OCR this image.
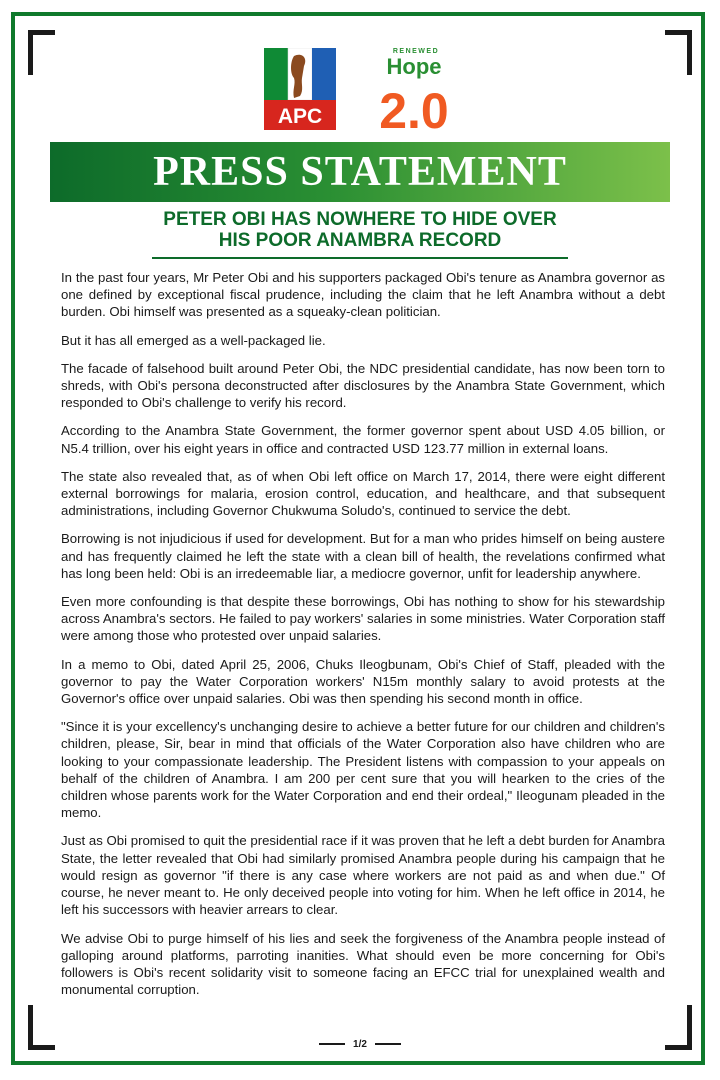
APC
RENEWED
Hope
2.0
PRESS STATEMENT
PETER OBI HAS NOWHERE TO HIDE OVER
HIS POOR ANAMBRA RECORD

In the past four years, Mr Peter Obi and his supporters packaged Obi's tenure as Anambra governor as one defined by exceptional fiscal prudence, including the claim that he left Anambra without a debt burden. Obi himself was presented as a squeaky-clean politician.

But it has all emerged as a well-packaged lie.

The facade of falsehood built around Peter Obi, the NDC presidential candidate, has now been torn to shreds, with Obi's persona deconstructed after disclosures by the Anambra State Government, which responded to Obi's challenge to verify his record.

According to the Anambra State Government, the former governor spent about USD 4.05 billion, or N5.4 trillion, over his eight years in office and contracted USD 123.77 million in external loans.

The state also revealed that, as of when Obi left office on March 17, 2014, there were eight different external borrowings for malaria, erosion control, education, and healthcare, and that subsequent administrations, including Governor Chukwuma Soludo's, continued to service the debt.

Borrowing is not injudicious if used for development. But for a man who prides himself on being austere and has frequently claimed he left the state with a clean bill of health, the revelations confirmed what has long been held: Obi is an irredeemable liar, a mediocre governor, unfit for leadership anywhere.

Even more confounding is that despite these borrowings, Obi has nothing to show for his stewardship across Anambra's sectors. He failed to pay workers' salaries in some ministries. Water Corporation staff were among those who protested over unpaid salaries.

In a memo to Obi, dated April 25, 2006, Chuks Ileogbunam, Obi's Chief of Staff, pleaded with the governor to pay the Water Corporation workers' N15m monthly salary to avoid protests at the Governor's office over unpaid salaries. Obi was then spending his second month in office.

"Since it is your excellency's unchanging desire to achieve a better future for our children and children's children, please, Sir, bear in mind that officials of the Water Corporation also have children who are looking to your compassionate leadership. The President listens with compassion to your appeals on behalf of the children of Anambra. I am 200 per cent sure that you will hearken to the cries of the children whose parents work for the Water Corporation and end their ordeal," Ileogunam pleaded in the memo.

Just as Obi promised to quit the presidential race if it was proven that he left a debt burden for Anambra State, the letter revealed that Obi had similarly promised Anambra people during his campaign that he would resign as governor "if there is any case where workers are not paid as and when due." Of course, he never meant to. He only deceived people into voting for him. When he left office in 2014, he left his successors with heavier arrears to clear.

We advise Obi to purge himself of his lies and seek the forgiveness of the Anambra people instead of galloping around platforms, parroting inanities. What should even be more concerning for Obi's followers is Obi's recent solidarity visit to someone facing an EFCC trial for unexplained wealth and monumental corruption.

1/2
